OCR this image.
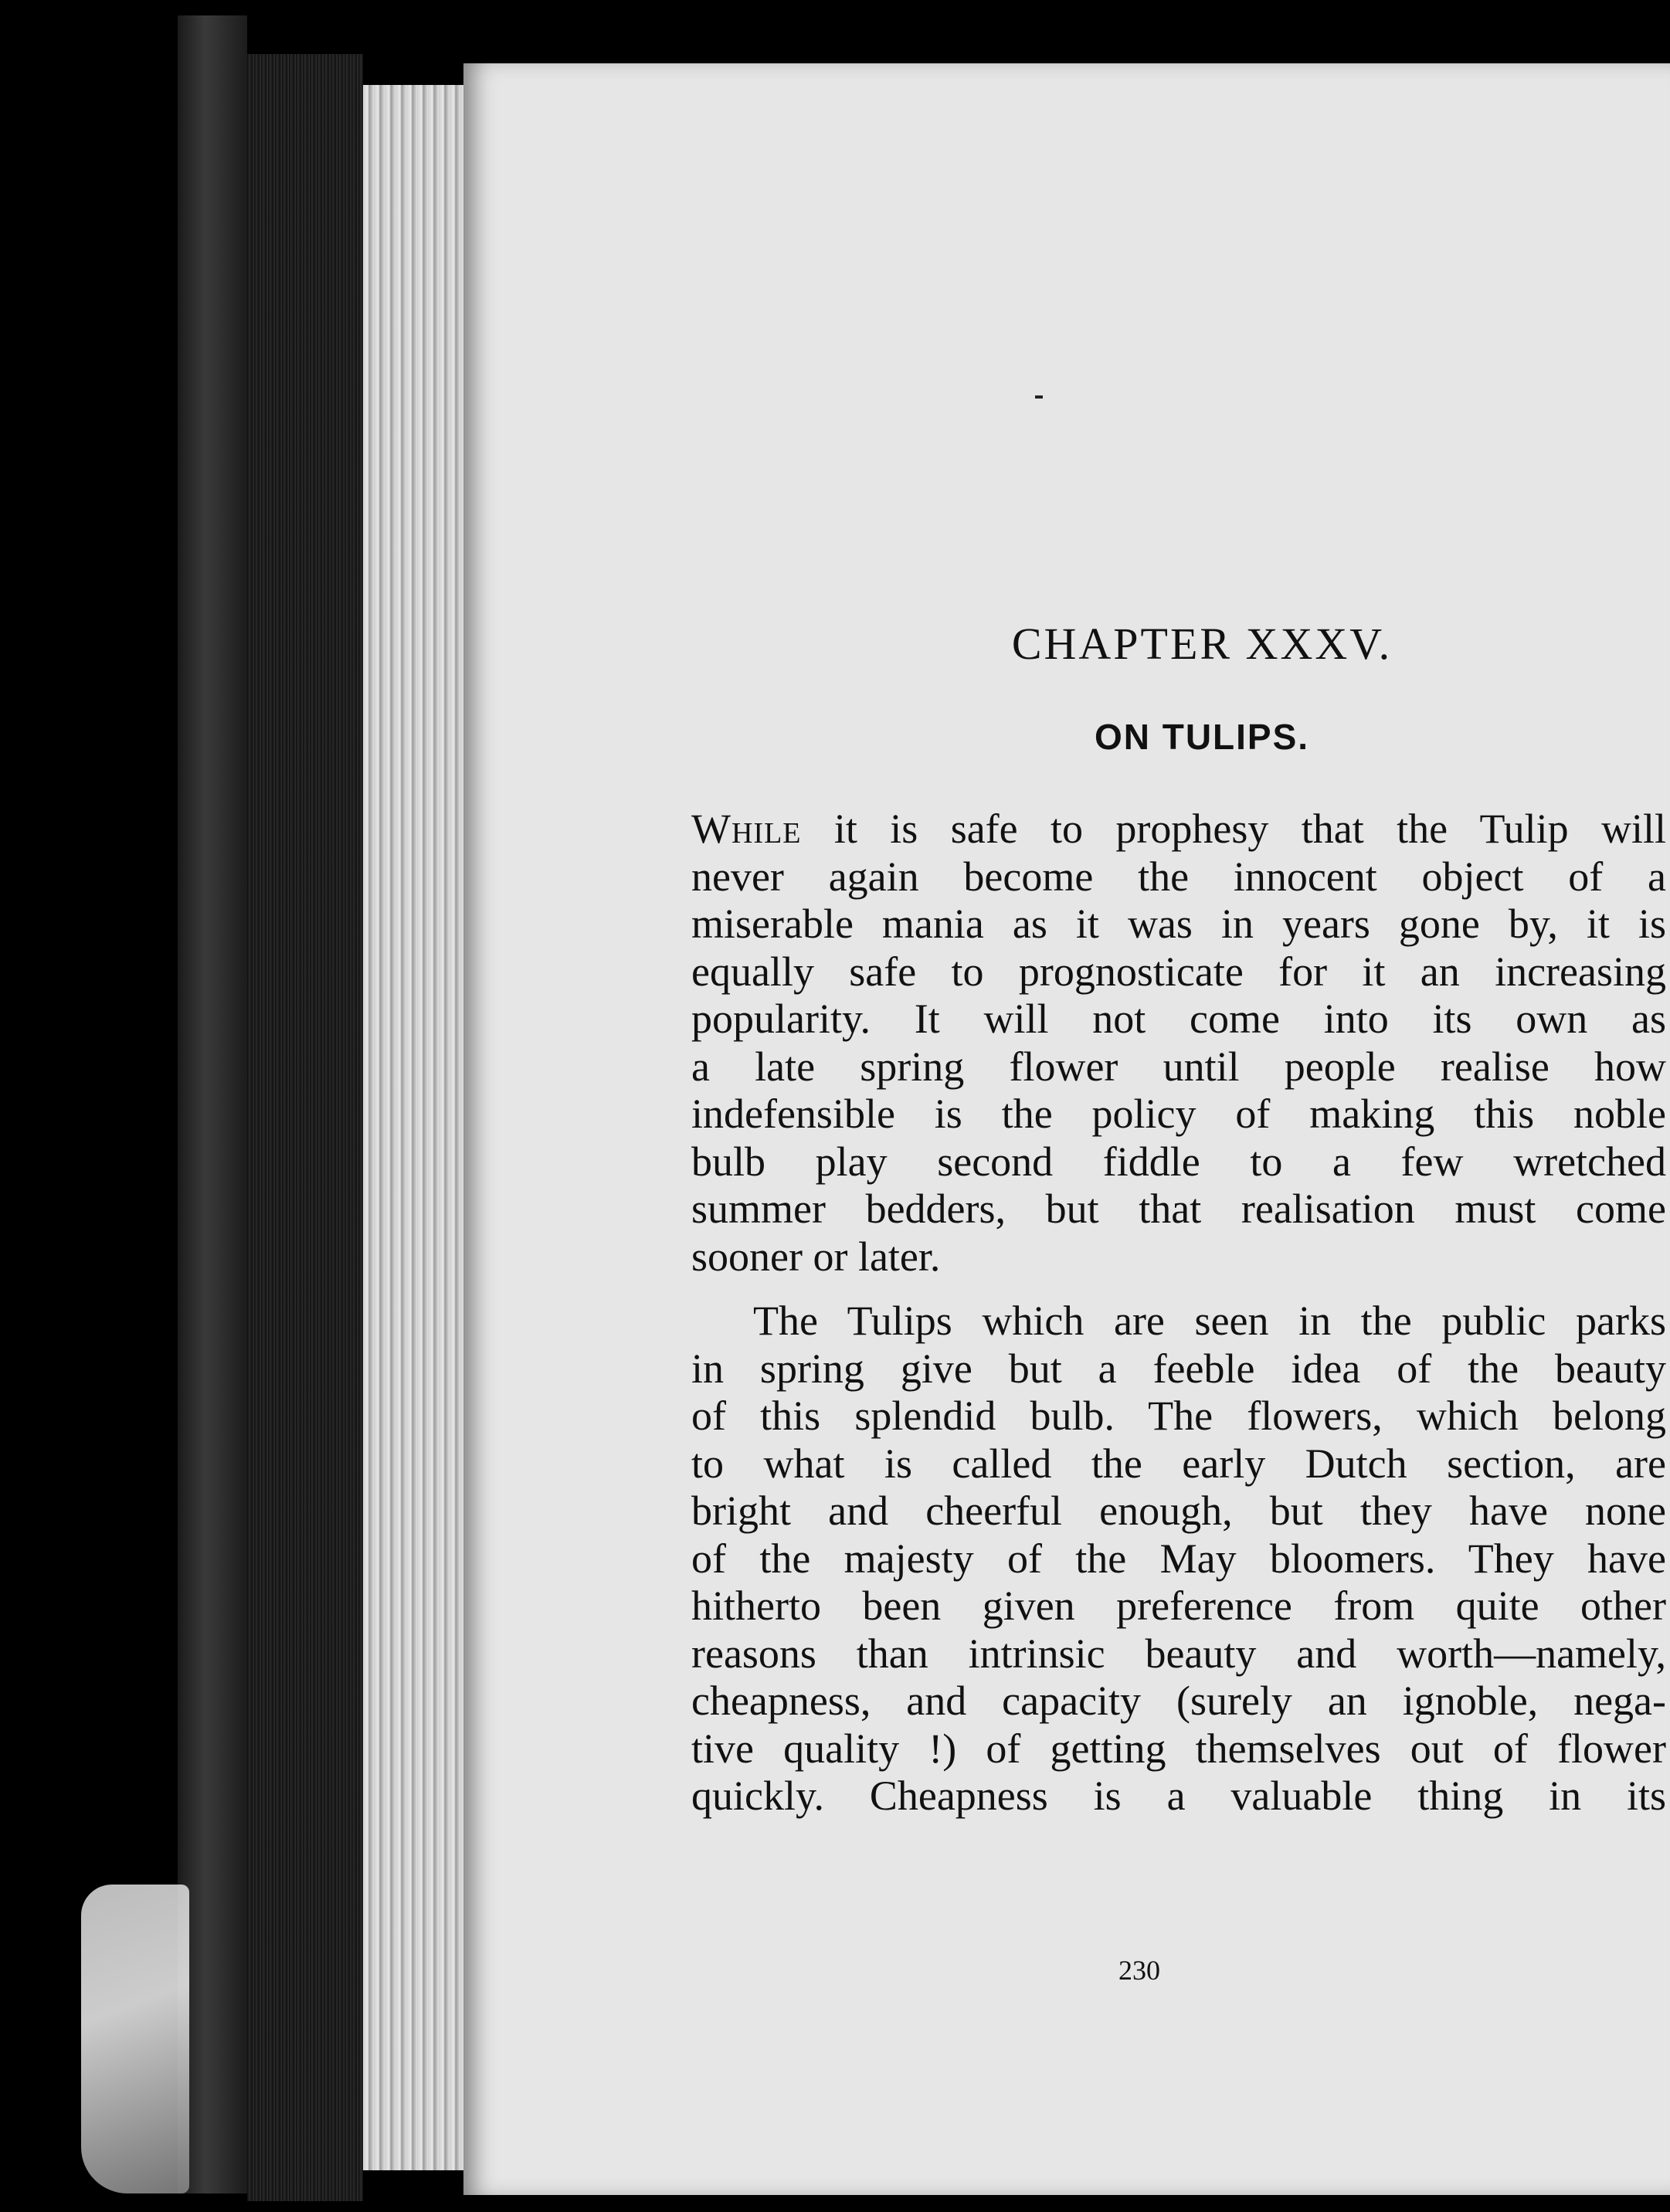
CHAPTER XXXV.
ON TULIPS.
While it is safe to prophesy that the Tulip will
never again become the innocent object of a
miserable mania as it was in years gone by, it is
equally safe to prognosticate for it an increasing
popularity. It will not come into its own as
a late spring flower until people realise how
indefensible is the policy of making this noble
bulb play second fiddle to a few wretched
summer bedders, but that realisation must come
sooner or later.
The Tulips which are seen in the public parks
in spring give but a feeble idea of the beauty
of this splendid bulb. The flowers, which belong
to what is called the early Dutch section, are
bright and cheerful enough, but they have none
of the majesty of the May bloomers. They have
hitherto been given preference from quite other
reasons than intrinsic beauty and worth—namely,
cheapness, and capacity (surely an ignoble, nega-
tive quality !) of getting themselves out of flower
quickly. Cheapness is a valuable thing in its
230
